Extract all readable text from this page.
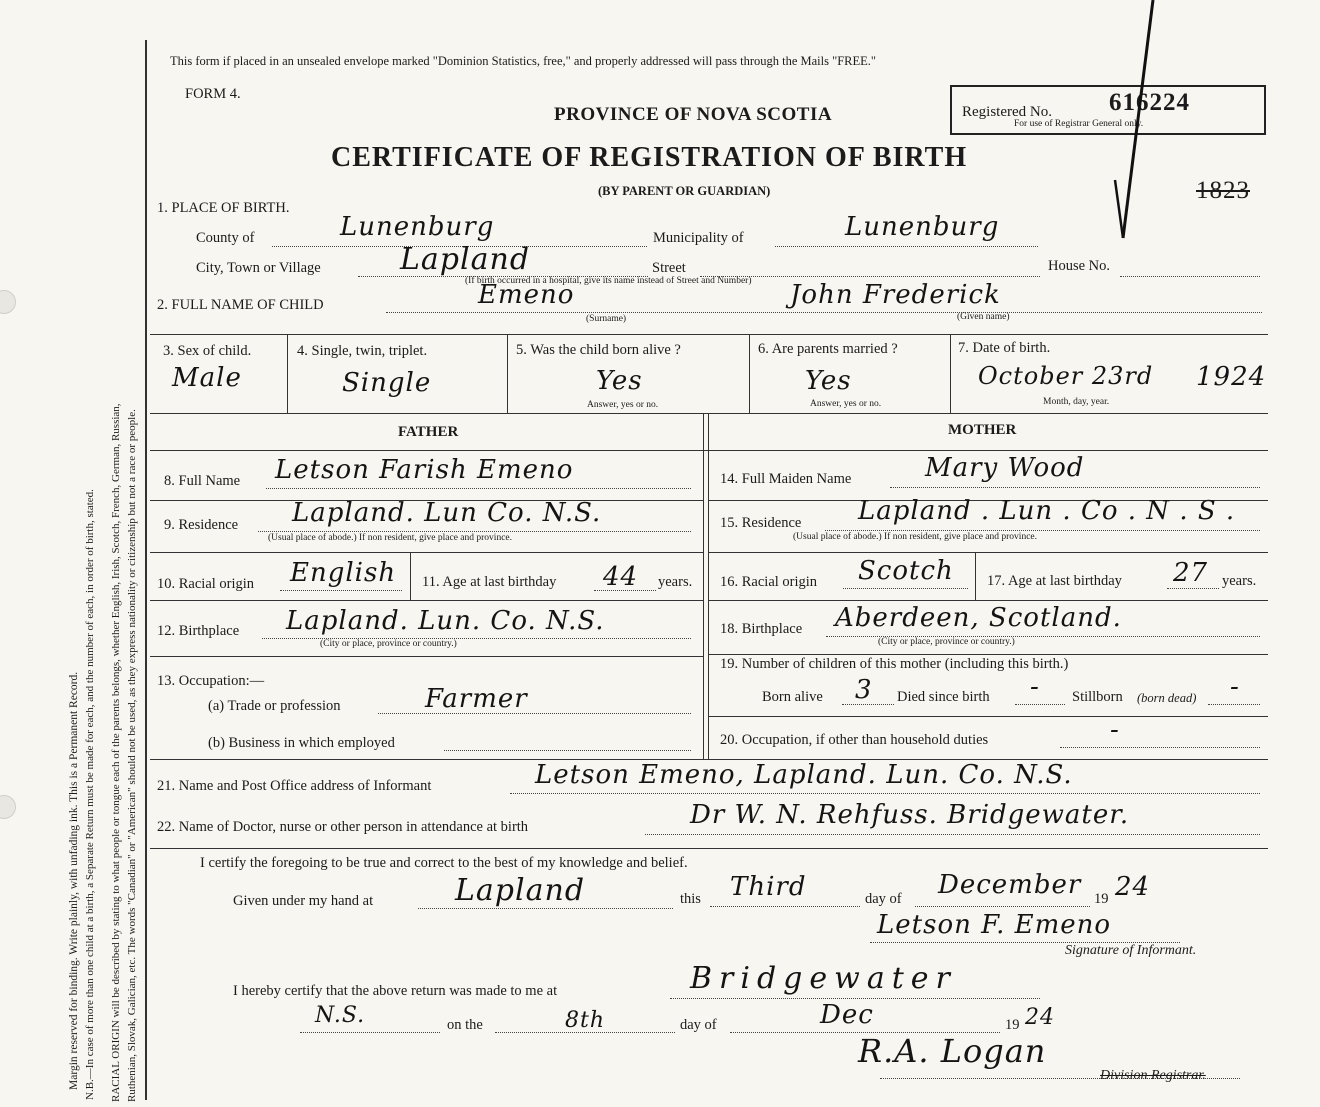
Margin reserved for binding. Write plainly, with unfading ink. This is a Permanent Record. N.B.—In case of more than one child at a birth, a Separate Return must be made for each, and the number of each, in order of birth, stated. RACIAL ORIGIN will be described by stating to what people or tongue each of the parents belongs, whether English, Irish, Scotch, French, German, Russian, Ruthenian, Slovak, Galician, etc. The words "Canadian" or "American" should not be used, as they express nationality or citizenship but not a race or people.
This form if placed in an unsealed envelope marked "Dominion Statistics, free," and properly addressed will pass through the Mails "FREE."
FORM 4.
PROVINCE OF NOVA SCOTIA
CERTIFICATE OF REGISTRATION OF BIRTH
(BY PARENT OR GUARDIAN)
Registered No. 616224
For use of Registrar General only.
1823
1. PLACE OF BIRTH.
County of	Lunenburg	Municipality of	Lunenburg
City, Town or Village	Lapland	Street	House No.
(If birth occurred in a hospital, give its name instead of Street and Number)
2. FULL NAME OF CHILD	Emeno
(Surname)
John Frederick
(Given name)
3. Sex of child.
Male
4. Single, twin, triplet.
Single
5. Was the child born alive ?
Yes
Answer, yes or no.
6. Are parents married ?
Yes
Answer, yes or no.
7. Date of birth.
October 23rd 1924
Month, day, year.
FATHER	MOTHER
8. Full Name Letson Farish Emeno
9. Residence Lapland. Lun Co. N.S.
(Usual place of abode.) If non resident, give place and province.
10. Racial origin English 11. Age at last birthday 44 years.
12. Birthplace Lapland. Lun. Co. N.S.
(City or place, province or country.)
13. Occupation:—
(a) Trade or profession	Farmer
(b) Business in which employed
14. Full Maiden Name	Mary Wood
15. Residence Lapland . Lun . Co . N . S .
(Usual place of abode.) If non resident, give place and province.
16. Racial origin Scotch 17. Age at last birthday 27 years.
18. Birthplace Aberdeen, Scotland.
(City or place, province or country.)
19. Number of children of this mother (including this birth.)
Born alive 3 Died since birth - Stillborn (born dead) -
20. Occupation, if other than household duties	-
21. Name and Post Office address of Informant	Letson Emeno, Lapland. Lun. Co. N.S.
22. Name of Doctor, nurse or other person in attendance at birth	Dr W. N. Rehfuss. Bridgewater.
I certify the foregoing to be true and correct to the best of my knowledge and belief.
Given under my hand at	Lapland	this Third	day of December 19 24
Letson F. Emeno
Signature of Informant.
I hereby certify that the above return was made to me at	Bridgewater
N.S.	on the	8th	day of	Dec	19 24
R.A. Logan
Division Registrar.
